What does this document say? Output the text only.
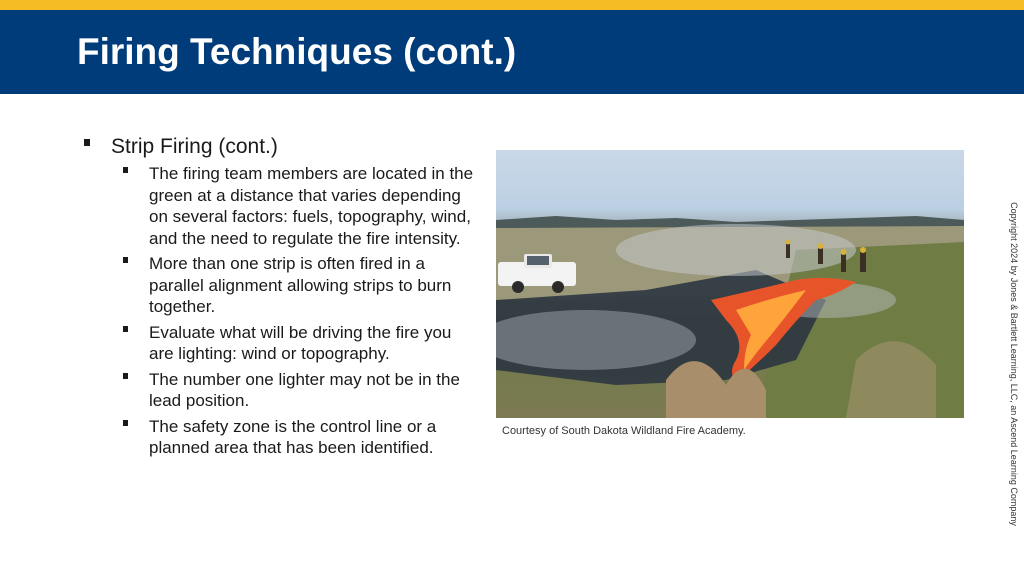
Firing Techniques (cont.)
Strip Firing (cont.)
The firing team members are located in the green at a distance that varies depending on several factors: fuels, topography, wind, and the need to regulate the fire intensity.
More than one strip is often fired in a parallel alignment allowing strips to burn together.
Evaluate what will be driving the fire you are lighting: wind or topography.
The number one lighter may not be in the lead position.
The safety zone is the control line or a planned area that has been identified.
Courtesy of South Dakota Wildland Fire Academy.	Copyright 2024 by Jones & Bartlett Learning, LLC, an Ascend Learning Company
